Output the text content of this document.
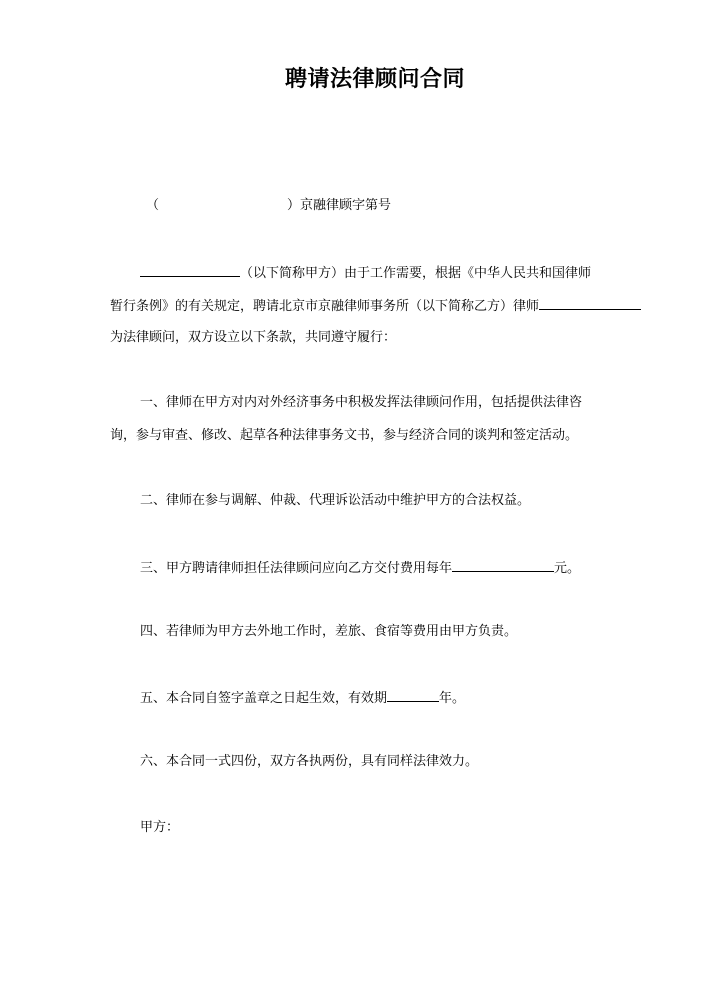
聘请法律顾问合同
（	）京融律顾字第号
（以下简称甲方）由于工作需要，根据《中华人民共和国律师
暂行条例》的有关规定，聘请北京市京融律师事务所（以下简称乙方）律师
为法律顾问，双方设立以下条款，共同遵守履行：
一、律师在甲方对内对外经济事务中积极发挥法律顾问作用，包括提供法律咨
询，参与审查、修改、起草各种法律事务文书，参与经济合同的谈判和签定活动。
二、律师在参与调解、仲裁、代理诉讼活动中维护甲方的合法权益。
三、甲方聘请律师担任法律顾问应向乙方交付费用每年	元。
四、若律师为甲方去外地工作时，差旅、食宿等费用由甲方负责。
五、本合同自签字盖章之日起生效，有效期	年。
六、本合同一式四份，双方各执两份，具有同样法律效力。
甲方：
